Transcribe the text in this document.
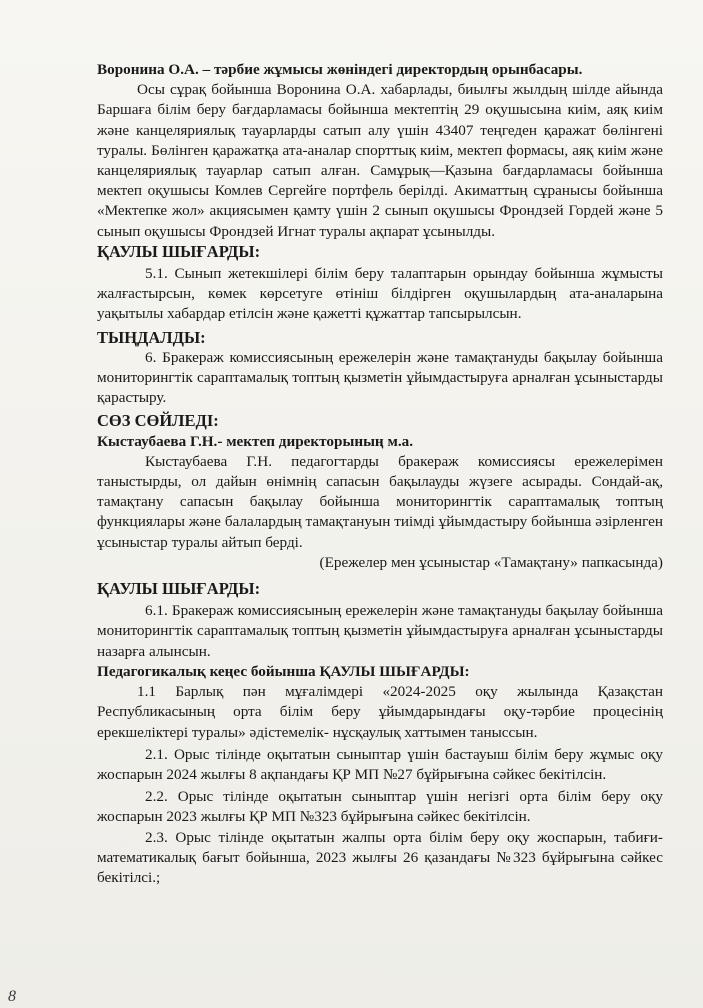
Воронина О.А. – тәрбие жұмысы жөніндегі директордың орынбасары.

Осы сұрақ бойынша Воронина О.А. хабарлады, биылғы жылдың шілде айында Баршаға білім беру бағдарламасы бойынша мектептің 29 оқушысына киім, аяқ киім және канцеляриялық тауарларды сатып алу үшін 43407 теңгеден қаражат бөлінгені туралы. Бөлінген қаражатқа ата-аналар спорттық киім, мектеп формасы, аяқ киім және канцеляриялық тауарлар сатып алған. Самұрық—Қазына бағдарламасы бойынша мектеп оқушысы Комлев Сергейге портфель берілді. Акиматтың сұранысы бойынша «Мектепке жол» акциясымен қамту үшін 2 сынып оқушысы Фрондзей Гордей және 5 сынып оқушысы Фрондзей Игнат туралы ақпарат ұсынылды.

ҚАУЛЫ ШЫҒАРДЫ:

5.1. Сынып жетекшілері білім беру талаптарын орындау бойынша жұмысты жалғастырсын, көмек көрсетуге өтініш білдірген оқушылардың ата-аналарына уақытылы хабардар етілсін және қажетті құжаттар тапсырылсын.

ТЫҢДАЛДЫ:

6. Бракераж комиссиясының ережелерін және тамақтануды бақылау бойынша мониторингтік сараптамалық топтың қызметін ұйымдастыруға арналған ұсыныстарды қарастыру.

СӨЗ СӨЙЛЕДІ:

Кыстаубаева Г.Н.- мектеп директорының м.а.

Кыстаубаева Г.Н. педагогтарды бракераж комиссиясы ережелерімен таныстырды, ол дайын өнімнің сапасын бақылауды жүзеге асырады. Сондай-ақ, тамақтану сапасын бақылау бойынша мониторингтік сараптамалық топтың функциялары және балалардың тамақтануын тиімді ұйымдастыру бойынша әзірленген ұсыныстар туралы айтып берді.

(Ережелер мен ұсыныстар «Тамақтану» папкасында)

ҚАУЛЫ ШЫҒАРДЫ:

6.1. Бракераж комиссиясының ережелерін және тамақтануды бақылау бойынша мониторингтік сараптамалық топтың қызметін ұйымдастыруға арналған ұсыныстарды назарға алынсын.

Педагогикалық кеңес бойынша ҚАУЛЫ ШЫҒАРДЫ:

1.1 Барлық пән мұғалімдері «2024-2025 оқу жылында Қазақстан Республикасының орта білім беру ұйымдарындағы оқу-тәрбие процесінің ерекшеліктері туралы» әдістемелік- нұсқаулық хаттымен таныссын.

2.1. Орыс тілінде оқытатын сыныптар үшін бастауыш білім беру жұмыс оқу жоспарын 2024 жылғы 8 ақпандағы ҚР МП №27 бұйрығына сәйкес бекітілсін.

2.2. Орыс тілінде оқытатын сыныптар үшін негізгі орта білім беру оқу жоспарын 2023 жылғы ҚР МП №323 бұйрығына сәйкес бекітілсін.

2.3. Орыс тілінде оқытатын жалпы орта білім беру оқу жоспарын, табиғи-математикалық бағыт бойынша, 2023 жылғы 26 қазандағы №323 бұйрығына сәйкес бекітілсі.;

8
